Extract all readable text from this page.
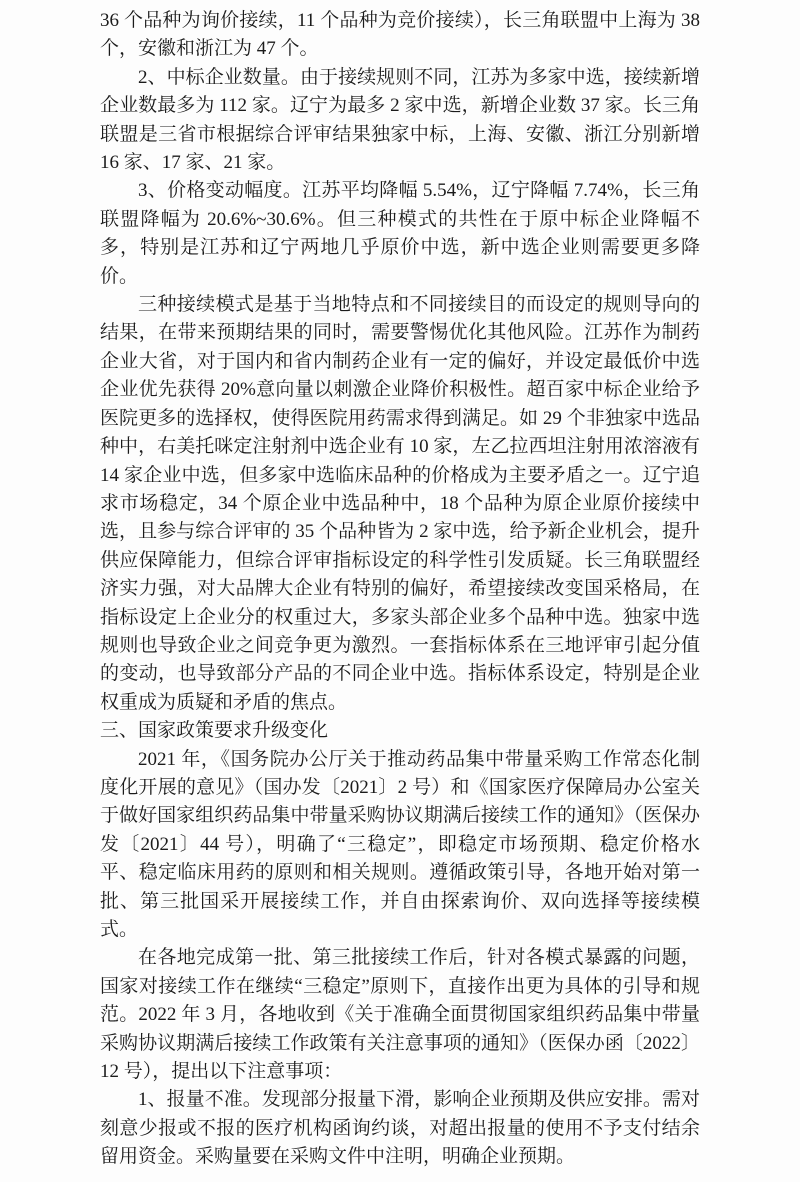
36 个品种为询价接续，11 个品种为竞价接续），长三角联盟中上海为 38 个，安徽和浙江为 47 个。

2、中标企业数量。由于接续规则不同，江苏为多家中选，接续新增企业数最多为 112 家。辽宁为最多 2 家中选，新增企业数 37 家。长三角联盟是三省市根据综合评审结果独家中标，上海、安徽、浙江分别新增 16 家、17 家、21 家。

3、价格变动幅度。江苏平均降幅 5.54%，辽宁降幅 7.74%，长三角联盟降幅为 20.6%~30.6%。但三种模式的共性在于原中标企业降幅不多，特别是江苏和辽宁两地几乎原价中选，新中选企业则需要更多降价。

三种接续模式是基于当地特点和不同接续目的而设定的规则导向的结果，在带来预期结果的同时，需要警惕优化其他风险。江苏作为制药企业大省，对于国内和省内制药企业有一定的偏好，并设定最低价中选企业优先获得 20%意向量以刺激企业降价积极性。超百家中标企业给予医院更多的选择权，使得医院用药需求得到满足。如 29 个非独家中选品种中，右美托咪定注射剂中选企业有 10 家，左乙拉西坦注射用浓溶液有 14 家企业中选，但多家中选临床品种的价格成为主要矛盾之一。辽宁追求市场稳定，34 个原企业中选品种中，18 个品种为原企业原价接续中选，且参与综合评审的 35 个品种皆为 2 家中选，给予新企业机会，提升供应保障能力，但综合评审指标设定的科学性引发质疑。长三角联盟经济实力强，对大品牌大企业有特别的偏好，希望接续改变国采格局，在指标设定上企业分的权重过大，多家头部企业多个品种中选。独家中选规则也导致企业之间竞争更为激烈。一套指标体系在三地评审引起分值的变动，也导致部分产品的不同企业中选。指标体系设定，特别是企业权重成为质疑和矛盾的焦点。

三、国家政策要求升级变化

2021 年，《国务院办公厅关于推动药品集中带量采购工作常态化制度化开展的意见》（国办发〔2021〕2 号）和《国家医疗保障局办公室关于做好国家组织药品集中带量采购协议期满后接续工作的通知》（医保办发〔2021〕44 号），明确了“三稳定”，即稳定市场预期、稳定价格水平、稳定临床用药的原则和相关规则。遵循政策引导，各地开始对第一批、第三批国采开展接续工作，并自由探索询价、双向选择等接续模式。

在各地完成第一批、第三批接续工作后，针对各模式暴露的问题，国家对接续工作在继续“三稳定”原则下，直接作出更为具体的引导和规范。2022 年 3 月，各地收到《关于准确全面贯彻国家组织药品集中带量采购协议期满后接续工作政策有关注意事项的通知》（医保办函〔2022〕12 号），提出以下注意事项：

1、报量不准。发现部分报量下滑，影响企业预期及供应安排。需对刻意少报或不报的医疗机构函询约谈，对超出报量的使用不予支付结余留用资金。采购量要在采购文件中注明，明确企业预期。
